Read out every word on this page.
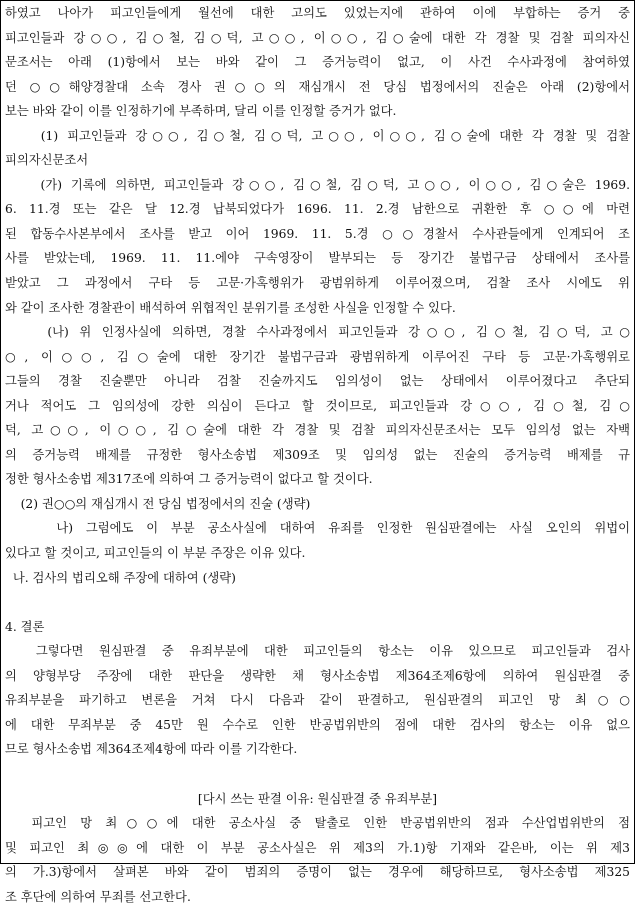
하였고 나아가 피고인들에게 월선에 대한 고의도 있었는지에 관하여 이에 부합하는 증거 중
피고인들과 강○○, 김○철, 김○덕, 고○○, 이○○, 김○술에 대한 각 경찰 및 검찰 피의자신
문조서는 아래 (1)항에서 보는 바와 같이 그 증거능력이 없고, 이 사건 수사과정에 참여하였
던 ○○해양경찰대 소속 경사 권○○의 재심개시 전 당심 법정에서의 진술은 아래 (2)항에서
보는 바와 같이 이를 인정하기에 부족하며, 달리 이를 인정할 증거가 없다.
(1) 피고인들과 강○○, 김○철, 김○덕, 고○○, 이○○, 김○술에 대한 각 경찰 및 검찰
피의자신문조서
(가) 기록에 의하면, 피고인들과 강○○, 김○철, 김○덕, 고○○, 이○○, 김○술은 1969.
6. 11.경 또는 같은 달 12.경 납북되었다가 1696. 11. 2.경 남한으로 귀환한 후 ○○에 마련
된 합동수사본부에서 조사를 받고 이어 1969. 11. 5.경 ○○경찰서 수사관들에게 인계되어 조
사를 받았는데, 1969. 11. 11.에야 구속영장이 발부되는 등 장기간 불법구금 상태에서 조사를
받았고 그 과정에서 구타 등 고문·가혹행위가 광범위하게 이루어졌으며, 검찰 조사 시에도 위
와 같이 조사한 경찰관이 배석하여 위협적인 분위기를 조성한 사실을 인정할 수 있다.
(나) 위 인정사실에 의하면, 경찰 수사과정에서 피고인들과 강○○, 김○철, 김○덕, 고○
○, 이○○, 김○술에 대한 장기간 불법구금과 광범위하게 이루어진 구타 등 고문·가혹행위로
그들의 경찰 진술뿐만 아니라 검찰 진술까지도 임의성이 없는 상태에서 이루어졌다고 추단되
거나 적어도 그 임의성에 강한 의심이 든다고 할 것이므로, 피고인들과 강○○, 김○철, 김○
덕, 고○○, 이○○, 김○술에 대한 각 경찰 및 검찰 피의자신문조서는 모두 임의성 없는 자백
의 증거능력 배제를 규정한 형사소송법 제309조 및 임의성 없는 진술의 증거능력 배제를 규
정한 형사소송법 제317조에 의하여 그 증거능력이 없다고 할 것이다.
(2) 권○○의 재심개시 전 당심 법정에서의 진술 (생략)
나) 그럼에도 이 부분 공소사실에 대하여 유죄를 인정한 원심판결에는 사실 오인의 위법이
있다고 할 것이고, 피고인들의 이 부분 주장은 이유 있다.
나. 검사의 법리오해 주장에 대하여 (생략)
4. 결론
그렇다면 원심판결 중 유죄부분에 대한 피고인들의 항소는 이유 있으므로 피고인들과 검사
의 양형부당 주장에 대한 판단을 생략한 채 형사소송법 제364조제6항에 의하여 원심판결 중
유죄부분을 파기하고 변론을 거쳐 다시 다음과 같이 판결하고, 원심판결의 피고인 망 최○○
에 대한 무죄부분 중 45만 원 수수로 인한 반공법위반의 점에 대한 검사의 항소는 이유 없으
므로 형사소송법 제364조제4항에 따라 이를 기각한다.
[다시 쓰는 판결 이유: 원심판결 중 유죄부분]
피고인 망 최○○에 대한 공소사실 중 탈출로 인한 반공법위반의 점과 수산업법위반의 점
및 피고인 최◎◎에 대한 이 부분 공소사실은 위 제3의 가.1)항 기재와 같은바, 이는 위 제3
의 가.3)항에서 살펴본 바와 같이 범죄의 증명이 없는 경우에 해당하므로, 형사소송법 제325
조 후단에 의하여 무죄를 선고한다.
